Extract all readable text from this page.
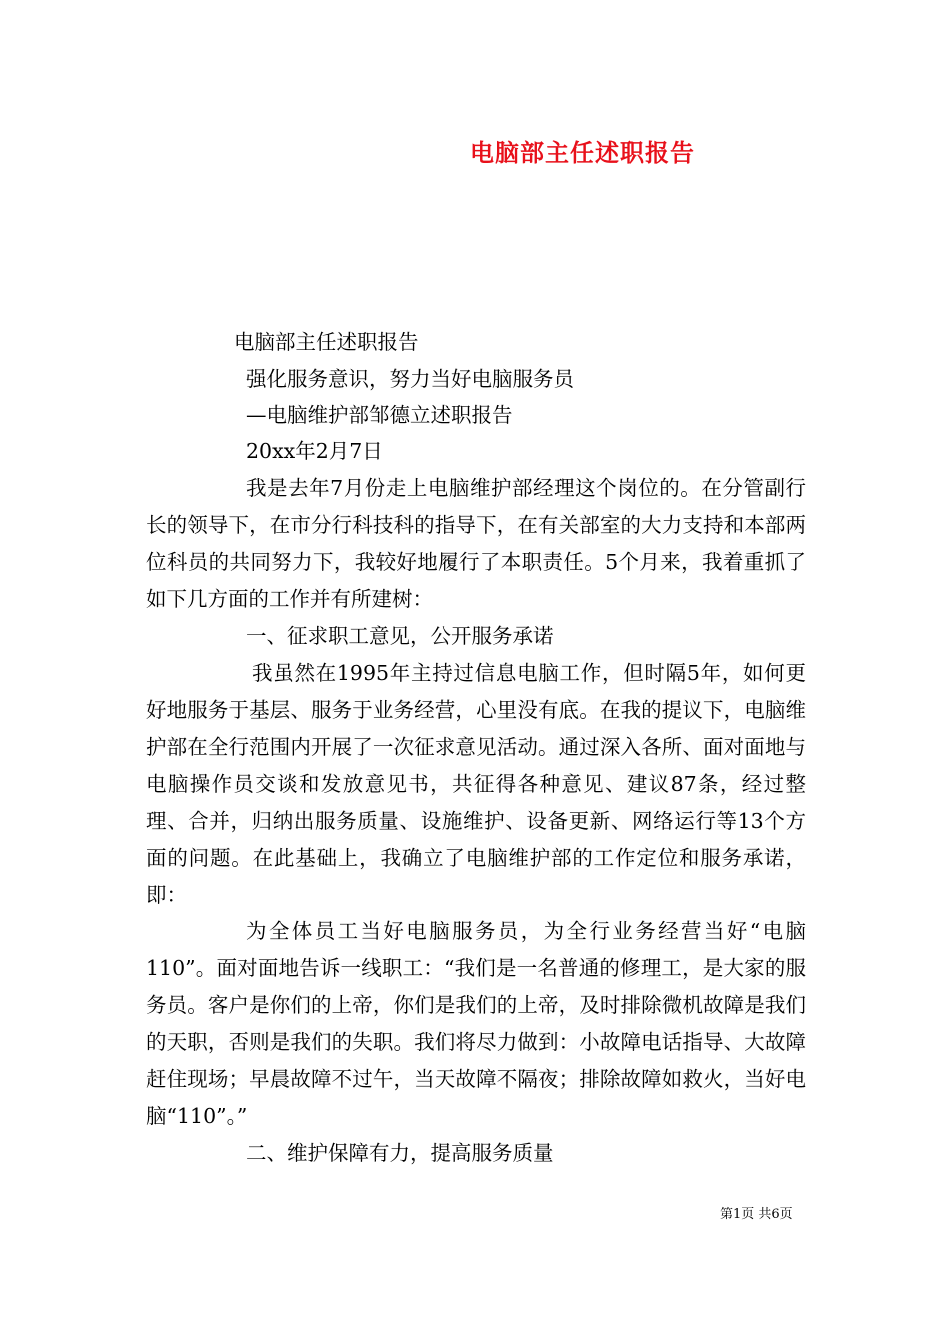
电脑部主任述职报告
电脑部主任述职报告
强化服务意识，努力当好电脑服务员
—电脑维护部邹德立述职报告
20xx年2月7日

我是去年7月份走上电脑维护部经理这个岗位的。在分管副行长的领导下，在市分行科技科的指导下，在有关部室的大力支持和本部两位科员的共同努力下，我较好地履行了本职责任。5个月来，我着重抓了如下几方面的工作并有所建树：

一、征求职工意见，公开服务承诺

我虽然在1995年主持过信息电脑工作，但时隔5年，如何更好地服务于基层、服务于业务经营，心里没有底。在我的提议下，电脑维护部在全行范围内开展了一次征求意见活动。通过深入各所、面对面地与电脑操作员交谈和发放意见书，共征得各种意见、建议87条，经过整理、合并，归纳出服务质量、设施维护、设备更新、网络运行等13个方面的问题。在此基础上，我确立了电脑维护部的工作定位和服务承诺，即：

为全体员工当好电脑服务员，为全行业务经营当好“电脑110”。面对面地告诉一线职工：“我们是一名普通的修理工，是大家的服务员。客户是你们的上帝，你们是我们的上帝，及时排除微机故障是我们的天职，否则是我们的失职。我们将尽力做到：小故障电话指导、大故障赶住现场；早晨故障不过午，当天故障不隔夜；排除故障如救火，当好电脑“110”。”

二、维护保障有力，提高服务质量

第1页 共6页
